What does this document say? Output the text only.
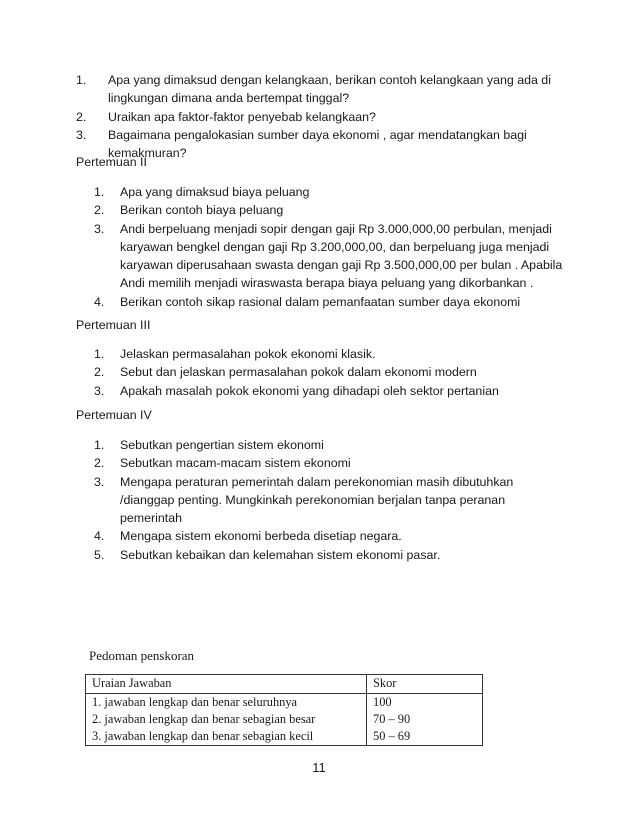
1.	Apa yang dimaksud dengan kelangkaan, berikan contoh kelangkaan yang ada di lingkungan dimana anda bertempat tinggal?
2.	Uraikan apa faktor-faktor penyebab kelangkaan?
3.	Bagaimana pengalokasian sumber daya ekonomi , agar mendatangkan bagi kemakmuran?
Pertemuan II
1. Apa yang dimaksud biaya peluang
2. Berikan contoh biaya peluang
3. Andi berpeluang menjadi sopir dengan gaji Rp 3.000,000,00 perbulan, menjadi karyawan bengkel dengan gaji Rp 3.200,000,00, dan berpeluang juga menjadi karyawan diperusahaan swasta dengan gaji Rp 3.500,000,00 per bulan . Apabila Andi memilih menjadi wiraswasta berapa biaya peluang yang dikorbankan .
4. Berikan contoh sikap rasional dalam pemanfaatan sumber daya ekonomi
Pertemuan III
1. Jelaskan permasalahan pokok ekonomi klasik.
2. Sebut dan jelaskan permasalahan pokok dalam ekonomi modern
3. Apakah masalah pokok ekonomi yang dihadapi oleh sektor pertanian
Pertemuan IV
1. Sebutkan pengertian sistem ekonomi
2. Sebutkan macam-macam sistem ekonomi
3. Mengapa peraturan pemerintah dalam perekonomian masih dibutuhkan /dianggap penting. Mungkinkah perekonomian berjalan tanpa peranan pemerintah
4. Mengapa sistem ekonomi berbeda disetiap negara.
5. Sebutkan kebaikan dan kelemahan sistem ekonomi pasar.
Pedoman penskoran
Uraian Jawaban	Skor
1. jawaban lengkap dan benar seluruhnya	100
2. jawaban lengkap dan benar sebagian besar	70 – 90
3. jawaban lengkap dan benar sebagian kecil	50 – 69
11
